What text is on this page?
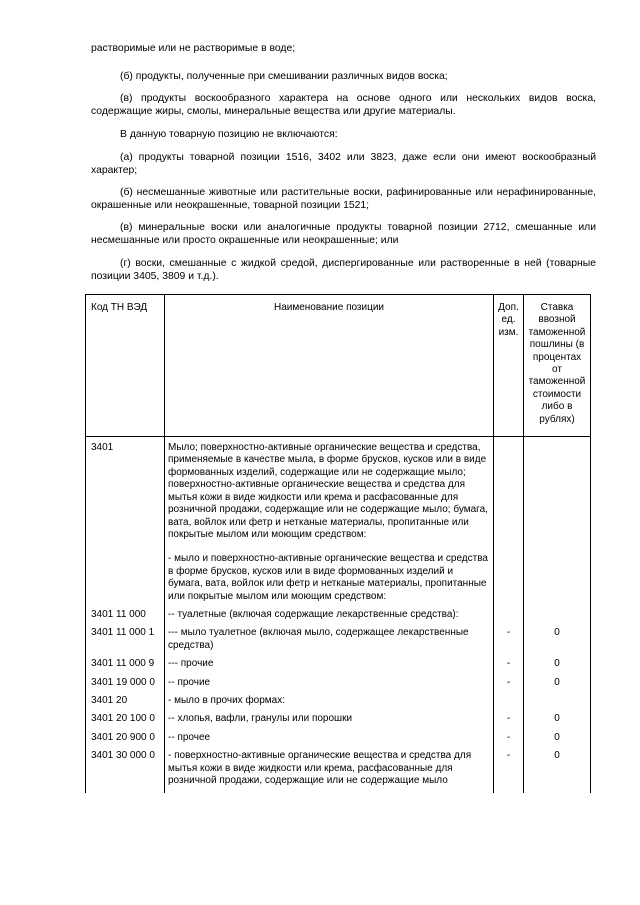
растворимые или не растворимые в воде;
(б) продукты, полученные при смешивании различных видов воска;
(в) продукты воскообразного характера на основе одного или нескольких видов воска, содержащие жиры, смолы, минеральные вещества или другие материалы.
В данную товарную позицию не включаются:
(а) продукты товарной позиции 1516, 3402 или 3823, даже если они имеют воскообразный характер;
(б) несмешанные животные или растительные воски, рафинированные или нерафинированные, окрашенные или неокрашенные, товарной позиции 1521;
(в) минеральные воски или аналогичные продукты товарной позиции 2712, смешанные или несмешанные или просто окрашенные или неокрашенные; или
(г) воски, смешанные с жидкой средой, диспергированные или растворенные в ней (товарные позиции 3405, 3809 и т.д.).
Код ТН ВЭД	Наименование позиции	Доп. ед. изм.	Ставка ввозной таможенной пошлины (в процентах от таможенной стоимости либо в рублях)
3401	Мыло; поверхностно-активные органические вещества и средства, применяемые в качестве мыла, в форме брусков, кусков или в виде формованных изделий, содержащие или не содержащие мыло; поверхностно-активные органические вещества и средства для мытья кожи в виде жидкости или крема и расфасованные для розничной продажи, содержащие или не содержащие мыло; бумага, вата, войлок или фетр и нетканые материалы, пропитанные или покрытые мылом или моющим средством:
- мыло и поверхностно-активные органические вещества и средства в форме брусков, кусков или в виде формованных изделий и бумага, вата, войлок или фетр и нетканые материалы, пропитанные или покрытые мылом или моющим средством:		
3401 11 000	-- туалетные (включая содержащие лекарственные средства):		
3401 11 000 1	--- мыло туалетное (включая мыло, содержащее лекарственные средства)	-	0
3401 11 000 9	--- прочие	-	0
3401 19 000 0	-- прочие	-	0
3401 20	- мыло в прочих формах:		
3401 20 100 0	-- хлопья, вафли, гранулы или порошки	-	0
3401 20 900 0	-- прочее	-	0
3401 30 000 0	- поверхностно-активные органические вещества и средства для мытья кожи в виде жидкости или крема, расфасованные для розничной продажи, содержащие или не содержащие мыло	-	0
